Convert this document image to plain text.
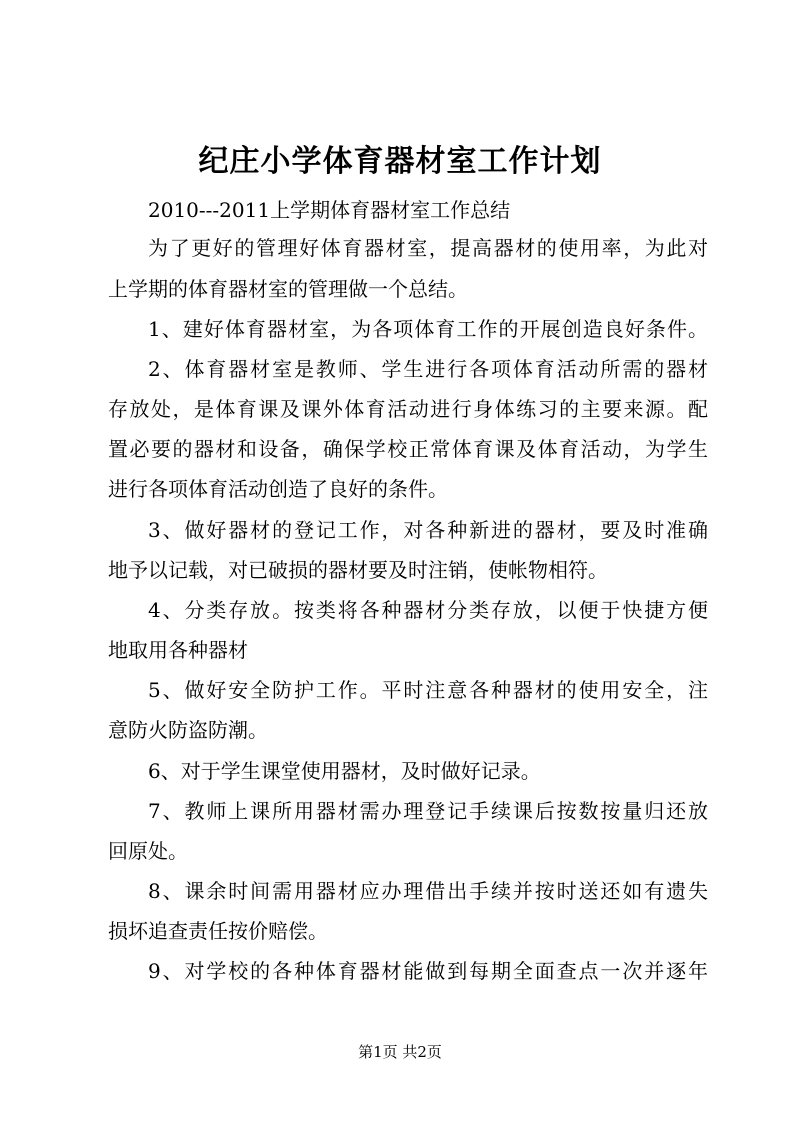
纪庄小学体育器材室工作计划
2010---2011上学期体育器材室工作总结
为了更好的管理好体育器材室，提高器材的使用率，为此对
上学期的体育器材室的管理做一个总结。
1、建好体育器材室，为各项体育工作的开展创造良好条件。
2、体育器材室是教师、学生进行各项体育活动所需的器材
存放处，是体育课及课外体育活动进行身体练习的主要来源。配
置必要的器材和设备，确保学校正常体育课及体育活动，为学生
进行各项体育活动创造了良好的条件。
3、做好器材的登记工作，对各种新进的器材，要及时准确
地予以记载，对已破损的器材要及时注销，使帐物相符。
4、分类存放。按类将各种器材分类存放，以便于快捷方便
地取用各种器材
5、做好安全防护工作。平时注意各种器材的使用安全，注
意防火防盗防潮。
6、对于学生课堂使用器材，及时做好记录。
7、教师上课所用器材需办理登记手续课后按数按量归还放
回原处。
8、课余时间需用器材应办理借出手续并按时送还如有遗失
损坏追查责任按价赔偿。
9、对学校的各种体育器材能做到每期全面查点一次并逐年
第1页 共2页
